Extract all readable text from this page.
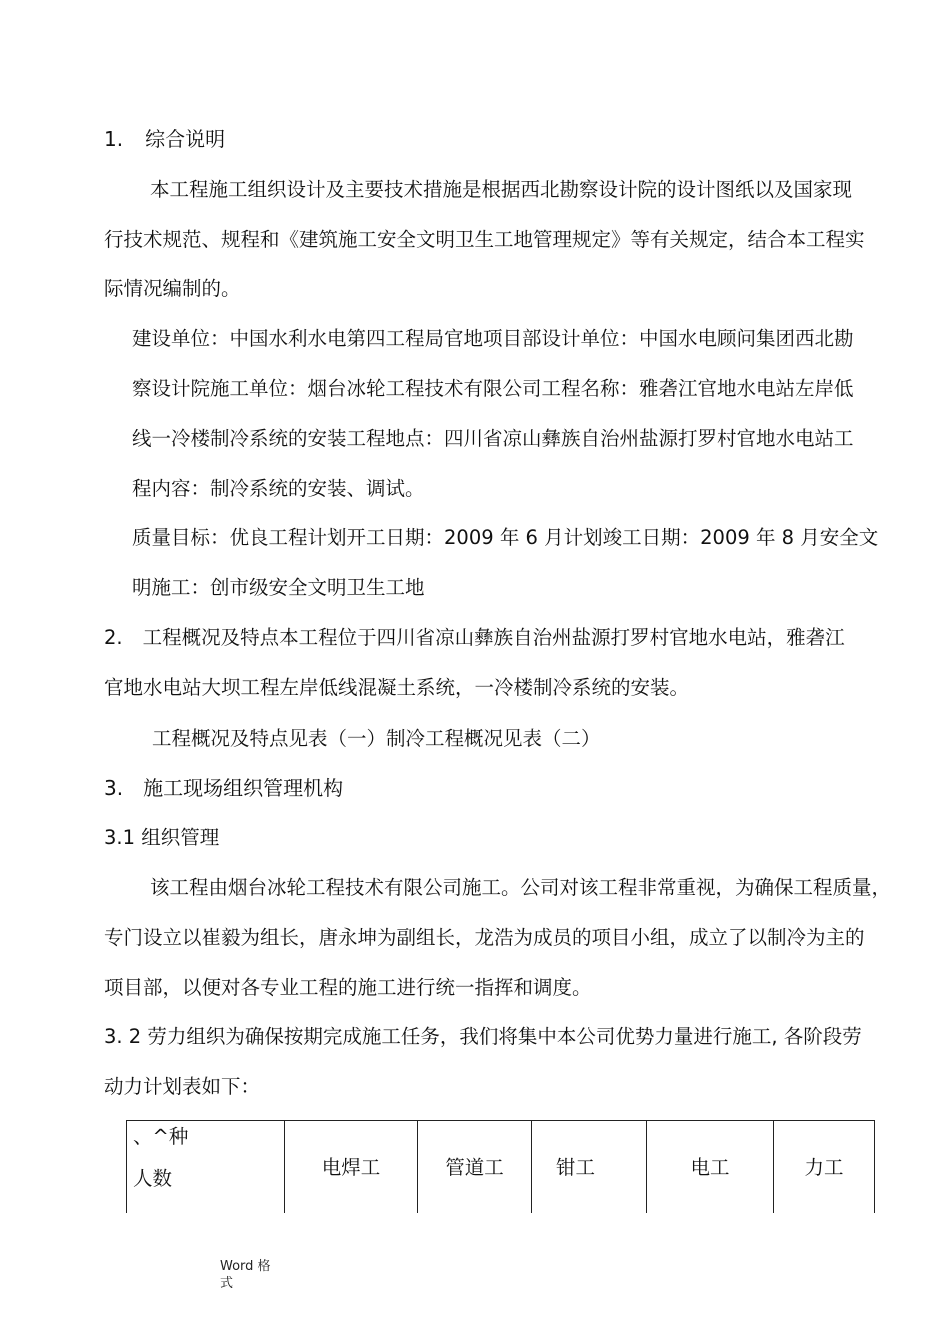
1. 综合说明
本工程施工组织设计及主要技术措施是根据西北勘察设计院的设计图纸以及国家现
行技术规范、规程和《建筑施工安全文明卫生工地管理规定》等有关规定，结合本工程实
际情况编制的。
建设单位：中国水利水电第四工程局官地项目部设计单位：中国水电顾问集团西北勘
察设计院施工单位：烟台冰轮工程技术有限公司工程名称：雅砻江官地水电站左岸低
线一冷楼制冷系统的安装工程地点：四川省凉山彝族自治州盐源打罗村官地水电站工
程内容：制冷系统的安装、调试。
质量目标：优良工程计划开工日期：2009 年 6 月计划竣工日期：2009 年 8 月安全文
明施工：创市级安全文明卫生工地
2. 工程概况及特点本工程位于四川省凉山彝族自治州盐源打罗村官地水电站，雅砻江
官地水电站大坝工程左岸低线混凝土系统，一冷楼制冷系统的安装。
工程概况及特点见表（一）制冷工程概况见表（二）
3. 施工现场组织管理机构
3.1 组织管理
该工程由烟台冰轮工程技术有限公司施工。公司对该工程非常重视，为确保工程质量，
专门设立以崔毅为组长，唐永坤为副组长，龙浩为成员的项目小组，成立了以制冷为主的
项目部，以便对各专业工程的施工进行统一指挥和调度。
3. 2 劳力组织为确保按期完成施工任务，我们将集中本公司优势力量进行施工, 各阶段劳
动力计划表如下：
、^种
人数	电焊工	管道工	钳工	电工	力工
Word 格
式
